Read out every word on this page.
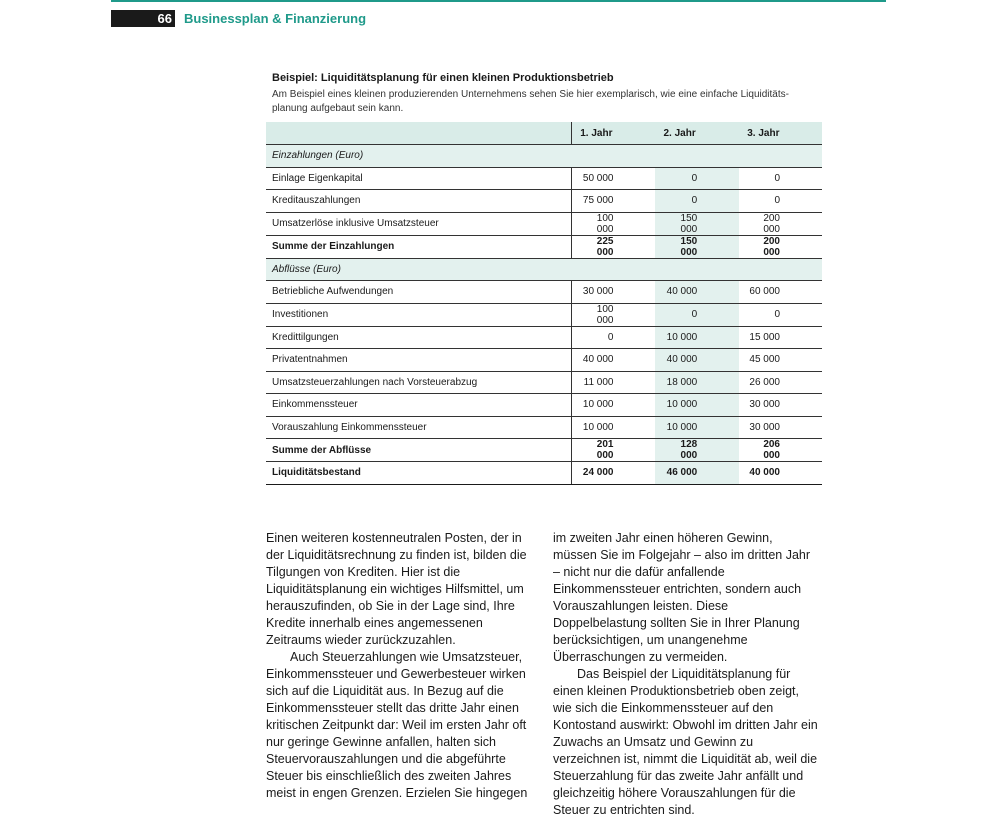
66 Businessplan & Finanzierung
Beispiel: Liquiditätsplanung für einen kleinen Produktionsbetrieb
Am Beispiel eines kleinen produzierenden Unternehmens sehen Sie hier exemplarisch, wie eine einfache Liquiditäts-
planung aufgebaut sein kann.
	1. Jahr	2. Jahr	3. Jahr
Einzahlungen (Euro)			
Einlage Eigenkapital	50 000	0	0
Kreditauszahlungen	75 000	0	0
Umsatzerlöse inklusive Umsatzsteuer	100 000	150 000	200 000
Summe der Einzahlungen	225 000	150 000	200 000
Abflüsse (Euro)			
Betriebliche Aufwendungen	30 000	40 000	60 000
Investitionen	100 000	0	0
Kredittilgungen	0	10 000	15 000
Privatentnahmen	40 000	40 000	45 000
Umsatzsteuerzahlungen nach Vorsteuerabzug	11 000	18 000	26 000
Einkommenssteuer	10 000	10 000	30 000
Vorauszahlung Einkommenssteuer	10 000	10 000	30 000
Summe der Abflüsse	201 000	128 000	206 000
Liquiditätsbestand	24 000	46 000	40 000

Einen weiteren kostenneutralen Posten, der in der Liquiditätsrechnung zu finden ist, bilden die Tilgungen von Krediten. Hier ist die Liquiditätsplanung ein wichtiges Hilfsmittel, um herauszufinden, ob Sie in der Lage sind, Ihre Kredite innerhalb eines angemessenen Zeitraums wieder zurückzuzahlen.

Auch Steuerzahlungen wie Umsatzsteuer, Einkommenssteuer und Gewerbesteuer wirken sich auf die Liquidität aus. In Bezug auf die Einkommenssteuer stellt das dritte Jahr einen kritischen Zeitpunkt dar: Weil im ersten Jahr oft nur geringe Gewinne anfallen, halten sich Steuervorauszahlungen und die abgeführte Steuer bis einschließlich des zweiten Jahres meist in engen Grenzen. Erzielen Sie hingegen

im zweiten Jahr einen höheren Gewinn, müssen Sie im Folgejahr – also im dritten Jahr – nicht nur die dafür anfallende Einkommenssteuer entrichten, sondern auch Vorauszahlungen leisten. Diese Doppelbelastung sollten Sie in Ihrer Planung berücksichtigen, um unangenehme Überraschungen zu vermeiden.

Das Beispiel der Liquiditätsplanung für einen kleinen Produktionsbetrieb oben zeigt, wie sich die Einkommenssteuer auf den Kontostand auswirkt: Obwohl im dritten Jahr ein Zuwachs an Umsatz und Gewinn zu verzeichnen ist, nimmt die Liquidität ab, weil die Steuerzahlung für das zweite Jahr anfällt und gleichzeitig höhere Vorauszahlungen für die Steuer zu entrichten sind.
